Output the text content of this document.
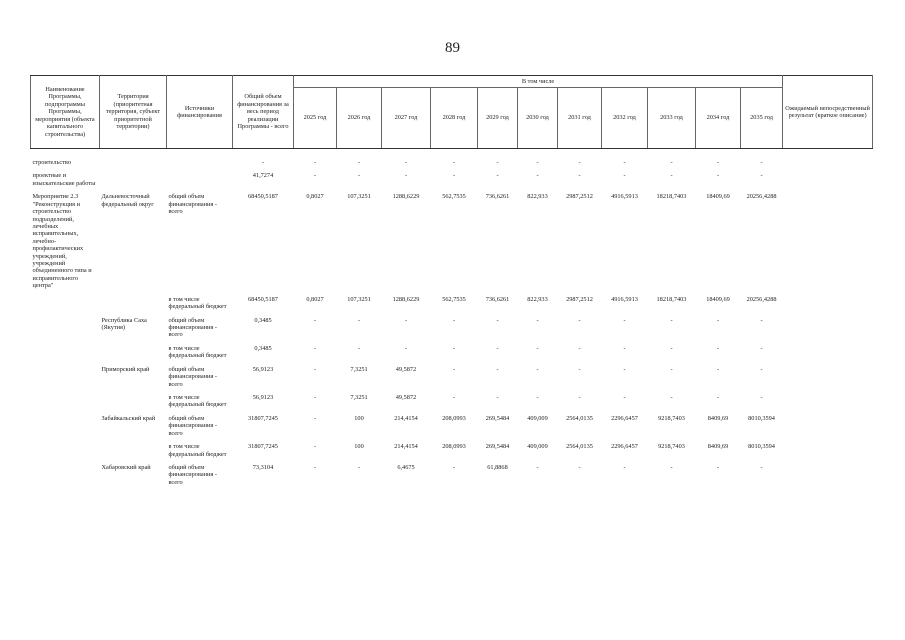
89
Наименование Программы, подпрограммы Программы, мероприятия (объекта капитального строительства)	Территория (приоритетная территория, субъект приоритетной территории)	Источники финансирования	Общий объем финансирования за весь период реализации Программы - всего	В том числе											Ожидаемый непосредственный результат (краткое описание)
				2025 год	2026 год	2027 год	2028 год	2029 год	2030 год	2031 год	2032 год	2033 год	2034 год	2035 год	
строительство			-	-	-	-	-	-	-	-	-	-	-	-	
проектные и изыскательские работы			41,7274	-	-	-	-	-	-	-	-	-	-	-	
Мероприятие 2.3 "Реконструкция и строительство подразделений, лечебных исправительных, лечебно-профилактических учреждений, учреждений объединенного типа и исправительного центра"	Дальневосточный федеральный округ	общий объем финансирования - всего	68450,5187	0,8027	107,3251	1288,6229	562,7535	736,6261	822,933	2987,2512	4916,5913	18218,7403	18409,69	20256,4288	
		в том числе федеральный бюджет	68450,5187	0,8027	107,3251	1288,6229	562,7535	736,6261	822,933	2987,2512	4916,5913	18218,7403	18409,69	20256,4288	
	Республика Саха (Якутия)	общий объем финансирования - всего	0,3485	-	-	-	-	-	-	-	-	-	-	-	
		в том числе федеральный бюджет	0,3485	-	-	-	-	-	-	-	-	-	-	-	
	Приморский край	общий объем финансирования - всего	56,9123	-	7,3251	49,5872	-	-	-	-	-	-	-	-	
		в том числе федеральный бюджет	56,9123	-	7,3251	49,5872	-	-	-	-	-	-	-	-	
	Забайкальский край	общий объем финансирования - всего	31807,7245	-	100	214,4154	208,0993	269,5484	409,009	2564,0135	2296,6457	9218,7403	8409,69	8010,3594	
		в том числе федеральный бюджет	31807,7245	-	100	214,4154	208,0993	269,5484	409,009	2564,0135	2296,6457	9218,7403	8409,69	8010,3594	
	Хабаровский край	общий объем финансирования - всего	73,3104	-	-	6,4675	-	61,8868	-	-	-	-	-	-	
